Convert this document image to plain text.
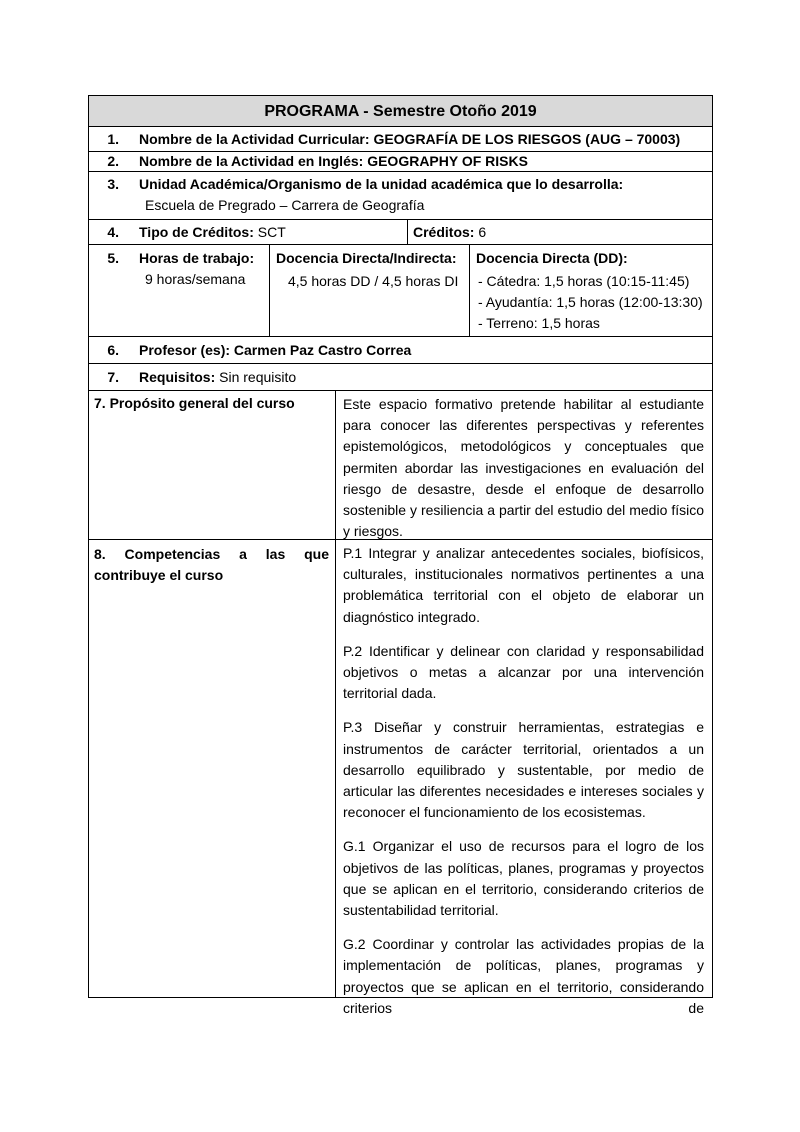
PROGRAMA - Semestre Otoño 2019
1. Nombre de la Actividad Curricular: GEOGRAFÍA DE LOS RIESGOS (AUG – 70003)
2. Nombre de la Actividad en Inglés: GEOGRAPHY OF RISKS
3. Unidad Académica/Organismo de la unidad académica que lo desarrolla:
Escuela de Pregrado – Carrera de Geografía
4. Tipo de Créditos: SCT	Créditos: 6
5. Horas de trabajo:
9 horas/semana
Docencia Directa/Indirecta:
4,5 horas DD / 4,5 horas DI
Docencia Directa (DD):
- Cátedra: 1,5 horas (10:15-11:45)
- Ayudantía: 1,5 horas (12:00-13:30)
- Terreno: 1,5 horas
6. Profesor (es): Carmen Paz Castro Correa
7. Requisitos: Sin requisito
7. Propósito general del curso	Este espacio formativo pretende habilitar al estudiante para conocer las diferentes perspectivas y referentes epistemológicos, metodológicos y conceptuales que permiten abordar las investigaciones en evaluación del riesgo de desastre, desde el enfoque de desarrollo sostenible y resiliencia a partir del estudio del medio físico y riesgos.

8. Competencias a las que
contribuye el curso

P.1 Integrar y analizar antecedentes sociales, biofísicos, culturales, institucionales normativos pertinentes a una problemática territorial con el objeto de elaborar un diagnóstico integrado.

P.2 Identificar y delinear con claridad y responsabilidad objetivos o metas a alcanzar por una intervención territorial dada.

P.3 Diseñar y construir herramientas, estrategias e instrumentos de carácter territorial, orientados a un desarrollo equilibrado y sustentable, por medio de articular las diferentes necesidades e intereses sociales y reconocer el funcionamiento de los ecosistemas.

G.1 Organizar el uso de recursos para el logro de los objetivos de las políticas, planes, programas y proyectos que se aplican en el territorio, considerando criterios de sustentabilidad territorial.

G.2 Coordinar y controlar las actividades propias de la implementación de políticas, planes, programas y proyectos que se aplican en el territorio, considerando criterios de
